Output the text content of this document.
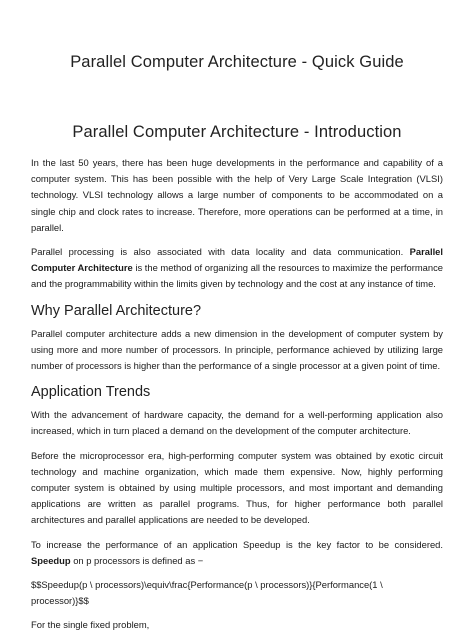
Parallel Computer Architecture - Quick Guide
Parallel Computer Architecture - Introduction

In the last 50 years, there has been huge developments in the performance and capability of a computer system. This has been possible with the help of Very Large Scale Integration (VLSI) technology. VLSI technology allows a large number of components to be accommodated on a single chip and clock rates to increase. Therefore, more operations can be performed at a time, in parallel.

Parallel processing is also associated with data locality and data communication. Parallel Computer Architecture is the method of organizing all the resources to maximize the performance and the programmability within the limits given by technology and the cost at any instance of time.

Why Parallel Architecture?

Parallel computer architecture adds a new dimension in the development of computer system by using more and more number of processors. In principle, performance achieved by utilizing large number of processors is higher than the performance of a single processor at a given point of time.

Application Trends

With the advancement of hardware capacity, the demand for a well-performing application also increased, which in turn placed a demand on the development of the computer architecture.

Before the microprocessor era, high-performing computer system was obtained by exotic circuit technology and machine organization, which made them expensive. Now, highly performing computer system is obtained by using multiple processors, and most important and demanding applications are written as parallel programs. Thus, for higher performance both parallel architectures and parallel applications are needed to be developed.

To increase the performance of an application Speedup is the key factor to be considered. Speedup on p processors is defined as −

$$Speedup(p \ processors)\equiv\frac{Performance(p \ processors)}{Performance(1 \ processor)}$$

For the single fixed problem,
